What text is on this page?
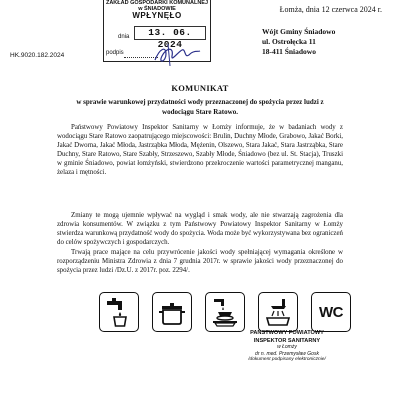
ZAKŁAD GOSPODARKI KOMUNALNEJ
w ŚNIADOWIE
WPŁYNĘŁO
dnia	13. 06. 2024
podpis
Łomża, dnia 12 czerwca 2024 r.
Wójt Gminy Śniadowo
ul. Ostrołęcka 11
18-411 Śniadowo
HK.9020.182.2024
KOMUNIKAT
w sprawie warunkowej przydatności wody przeznaczonej do spożycia przez ludzi z wodociągu Stare Ratowo.
Państwowy Powiatowy Inspektor Sanitarny w Łomży informuje, że w badaniach wody z wodociągu Stare Ratowo zaopatrującego miejscowości: Brulin, Duchny Młode, Grabowo, Jakać Borki, Jakać Dworna, Jakać Młoda, Jastrząbka Młoda, Mężenin, Olszewo, Stara Jakać, Stara Jastrząbka, Stare Duchny, Stare Ratowo, Stare Szabły, Strzeszewo, Szabły Młode, Śniadowo (bez ul. St. Stacja), Truszki w gminie Śniadowo, powiat łomżyński, stwierdzono przekroczenie wartości parametrycznej manganu, żelaza i mętności.
Zmiany te mogą ujemnie wpływać na wygląd i smak wody, ale nie stwarzają zagrożenia dla zdrowia konsumentów. W związku z tym Państwowy Powiatowy Inspektor Sanitarny w Łomży stwierdza warunkową przydatność wody do spożycia. Woda może być wykorzystywana bez ograniczeń do celów spożywczych i gospodarczych.
Trwają prace mające na celu przywrócenie jakości wody spełniającej wymagania określone w rozporządzeniu Ministra Zdrowia z dnia 7 grudnia 2017r. w sprawie jakości wody przeznaczonej do spożycia przez ludzi /Dz.U. z 2017r. poz. 2294/.
WC
PAŃSTWOWY POWIATOWY
INSPEKTOR SANITARNY
w Łomży
dr n. med. Przemysław Gosk
/dokument podpisany elektronicznie/
